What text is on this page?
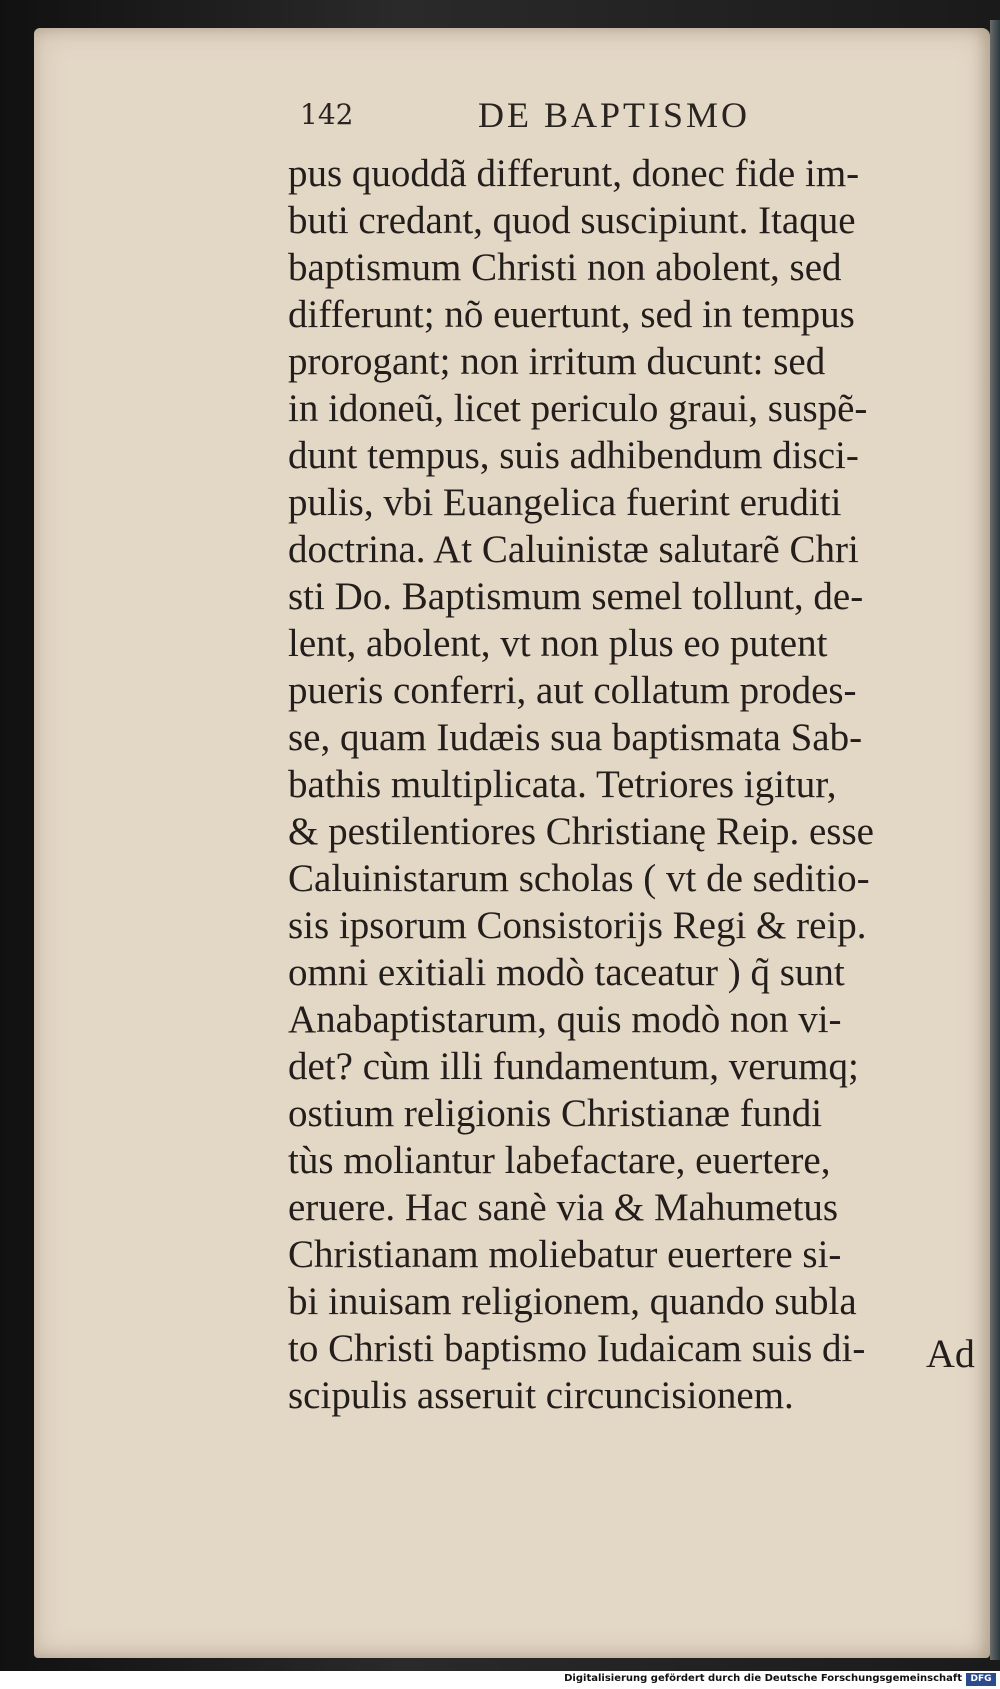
142	DE BAPTISMO
pus quoddã differunt, donec fide im-
buti credant, quod suscipiunt. Itaque
baptismum Christi non abolent, sed
differunt; nõ euertunt, sed in tempus
prorogant; non irritum ducunt: sed
in idoneũ, licet periculo graui, suspẽ-
dunt tempus, suis adhibendum disci-
pulis, vbi Euangelica fuerint eruditi
doctrina. At Caluinistæ salutarẽ Chri
sti Do. Baptismum semel tollunt, de-
lent, abolent, vt non plus eo putent
pueris conferri, aut collatum prodes-
se, quam Iudæis sua baptismata Sab-
bathis multiplicata. Tetriores igitur,
& pestilentiores Christianę Reip. esse
Caluinistarum scholas ( vt de seditio-
sis ipsorum Consistorijs Regi & reip.
omni exitiali modò taceatur ) q̃ sunt
Anabaptistarum, quis modò non vi-
det? cùm illi fundamentum, verumq;
ostium religionis Christianæ fundi
tùs moliantur labefactare, euertere,
eruere. Hac sanè via & Mahumetus
Christianam moliebatur euertere si-
bi inuisam religionem, quando subla
to Christi baptismo Iudaicam suis di-
scipulis asseruit circuncisionem.
Ad
Digitalisierung gefördert durch die Deutsche Forschungsgemeinschaft DFG
